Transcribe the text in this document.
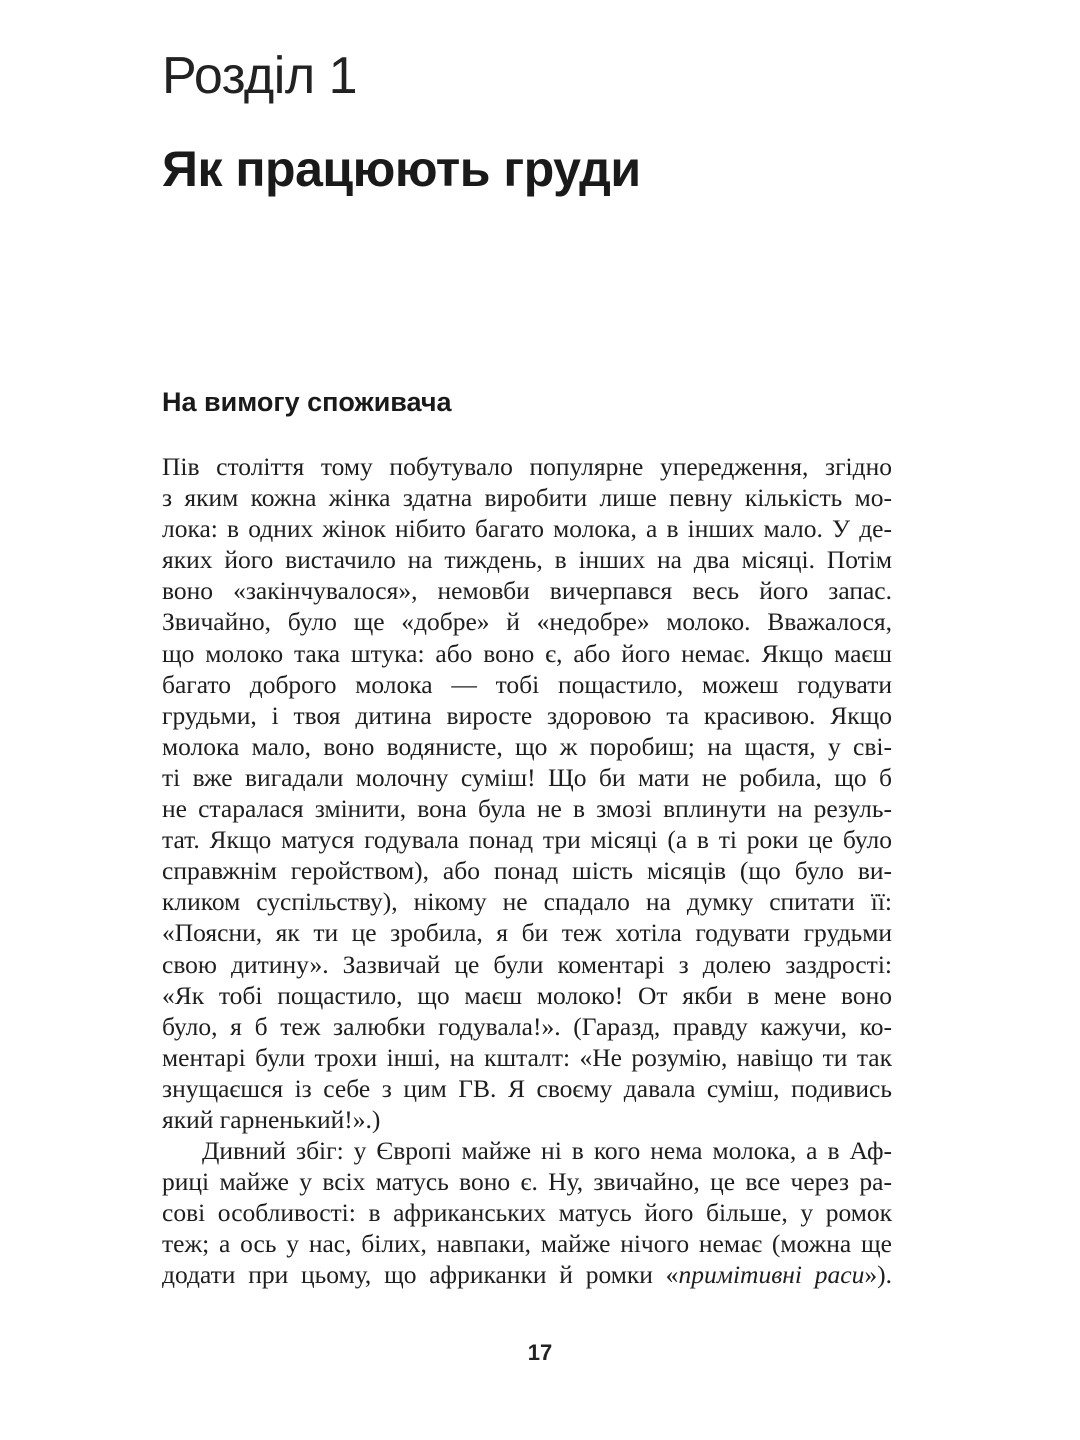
Розділ 1
Як працюють груди
На вимогу споживача
Пів століття тому побутувало популярне упередження, згідно
з яким кожна жінка здатна виробити лише певну кількість мо-
лока: в одних жінок нібито багато молока, а в інших мало. У де-
яких його вистачило на тиждень, в інших на два місяці. Потім
воно «закінчувалося», немовби вичерпався весь його запас.
Звичайно, було ще «добре» й «недобре» молоко. Вважалося,
що молоко така штука: або воно є, або його немає. Якщо маєш
багато доброго молока — тобі пощастило, можеш годувати
грудьми, і твоя дитина виросте здоровою та красивою. Якщо
молока мало, воно водянисте, що ж поробиш; на щастя, у сві-
ті вже вигадали молочну суміш! Що би мати не робила, що б
не старалася змінити, вона була не в змозі вплинути на резуль-
тат. Якщо матуся годувала понад три місяці (а в ті роки це було
справжнім геройством), або понад шість місяців (що було ви-
кликом суспільству), нікому не спадало на думку спитати її:
«Поясни, як ти це зробила, я би теж хотіла годувати грудьми
свою дитину». Зазвичай це були коментарі з долею заздрості:
«Як тобі пощастило, що маєш молоко! От якби в мене воно
було, я б теж залюбки годувала!». (Гаразд, правду кажучи, ко-
ментарі були трохи інші, на кшталт: «Не розумію, навіщо ти так
знущаєшся із себе з цим ГВ. Я своєму давала суміш, подивись
який гарненький!».)
Дивний збіг: у Європі майже ні в кого нема молока, а в Аф-
риці майже у всіх матусь воно є. Ну, звичайно, це все через ра-
сові особливості: в африканських матусь його більше, у ромок
теж; а ось у нас, білих, навпаки, майже нічого немає (можна ще
додати при цьому, що африканки й ромки «примітивні раси»).
17
